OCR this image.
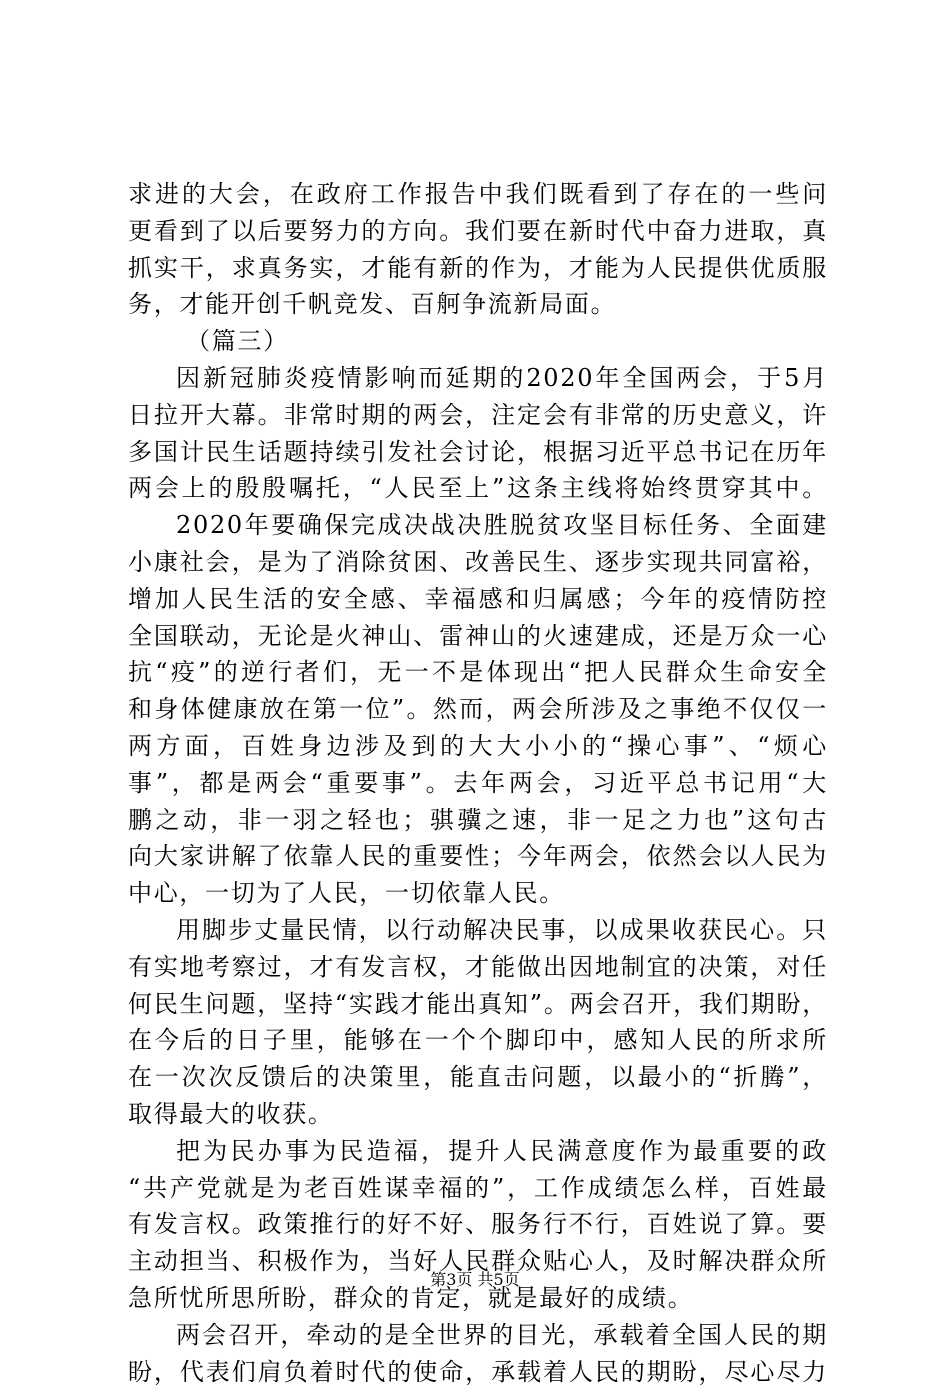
求进的大会，在政府工作报告中我们既看到了存在的一些问
更看到了以后要努力的方向。我们要在新时代中奋力进取，真
抓实干，求真务实，才能有新的作为，才能为人民提供优质服
务，才能开创千帆竞发、百舸争流新局面。
（篇三）
因新冠肺炎疫情影响而延期的2020年全国两会，于5月
日拉开大幕。非常时期的两会，注定会有非常的历史意义，许
多国计民生话题持续引发社会讨论，根据习近平总书记在历年
两会上的殷殷嘱托，“人民至上”这条主线将始终贯穿其中。
2020年要确保完成决战决胜脱贫攻坚目标任务、全面建
小康社会，是为了消除贫困、改善民生、逐步实现共同富裕，
增加人民生活的安全感、幸福感和归属感；今年的疫情防控
全国联动，无论是火神山、雷神山的火速建成，还是万众一心
抗“疫”的逆行者们，无一不是体现出“把人民群众生命安全
和身体健康放在第一位”。然而，两会所涉及之事绝不仅仅一
两方面，百姓身边涉及到的大大小小的“操心事”、“烦心
事”，都是两会“重要事”。去年两会，习近平总书记用“大
鹏之动，非一羽之轻也；骐骥之速，非一足之力也”这句古
向大家讲解了依靠人民的重要性；今年两会，依然会以人民为
中心，一切为了人民，一切依靠人民。
用脚步丈量民情，以行动解决民事，以成果收获民心。只
有实地考察过，才有发言权，才能做出因地制宜的决策，对任
何民生问题，坚持“实践才能出真知”。两会召开，我们期盼，
在今后的日子里，能够在一个个脚印中，感知人民的所求所
在一次次反馈后的决策里，能直击问题，以最小的“折腾”，
取得最大的收获。
把为民办事为民造福，提升人民满意度作为最重要的政
“共产党就是为老百姓谋幸福的”，工作成绩怎么样，百姓最
有发言权。政策推行的好不好、服务行不行，百姓说了算。要
主动担当、积极作为，当好人民群众贴心人，及时解决群众所
急所忧所思所盼，群众的肯定，就是最好的成绩。
两会召开，牵动的是全世界的目光，承载着全国人民的期
盼，代表们肩负着时代的使命，承载着人民的期盼，尽心尽力
第3页 共5页
